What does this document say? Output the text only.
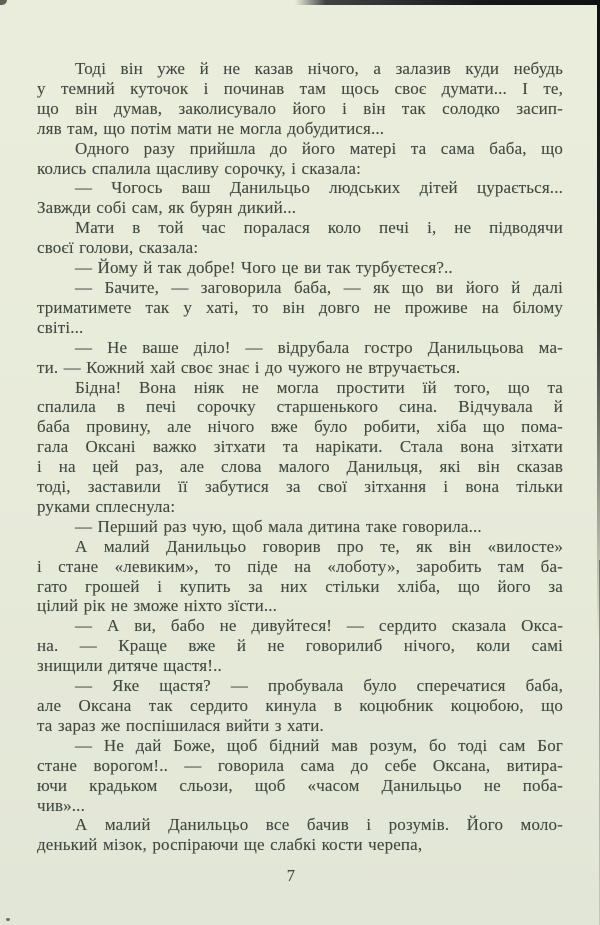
Тоді він уже й не казав нічого, а залазив куди небудь
у темний куточок і починав там щось своє думати... І те,
що він думав, заколисувало його і він так солодко засип-
ляв там, що потім мати не могла добудитися...
Одного разу прийшла до його матері та сама баба, що
колись спалила щасливу сорочку, і сказала:
— Чогось ваш Данильцьо людських дітей цурається...
Завжди собі сам, як бурян дикий...
Мати в той час поралася коло печі і, не підводячи
своєї голови, сказала:
— Йому й так добре! Чого це ви так турбуєтеся?..
— Бачите, — заговорила баба, — як що ви його й далі
триматимете так у хаті, то він довго не проживе на білому
світі...
— Не ваше діло! — відрубала гостро Данильцьова ма-
ти. — Кожний хай своє знає і до чужого не втручається.
Бідна! Вона ніяк не могла простити їй того, що та
спалила в печі сорочку старшенького сина. Відчувала й
баба провину, але нічого вже було робити, хіба що пома-
гала Оксані важко зітхати та нарікати. Стала вона зітхати
і на цей раз, але слова малого Данильця, які він сказав
тоді, заставили її забутися за свої зітхання і вона тільки
руками сплеснула:
— Перший раз чую, щоб мала дитина таке говорила...
А малий Данильцьо говорив про те, як він «вилосте»
і стане «левиким», то піде на «лоботу», заробить там ба-
гато грошей і купить за них стільки хліба, що його за
цілий рік не зможе ніхто зїсти...
— А ви, бабо не дивуйтеся! — сердито сказала Окса-
на. — Краще вже й не говорилиб нічого, коли самі
знищили дитяче щастя!..
— Яке щастя? — пробувала було сперечатися баба,
але Оксана так сердито кинула в коцюбник коцюбою, що
та зараз же поспішилася вийти з хати.
— Не дай Боже, щоб бідний мав розум, бо тоді сам Бог
стане ворогом!.. — говорила сама до себе Оксана, витира-
ючи крадьком сльози, щоб «часом Данильцьо не поба-
чив»...
А малий Данильцьо все бачив і розумів. Його моло-
денький мізок, роспіраючи ще слабкі кости черепа,
7
